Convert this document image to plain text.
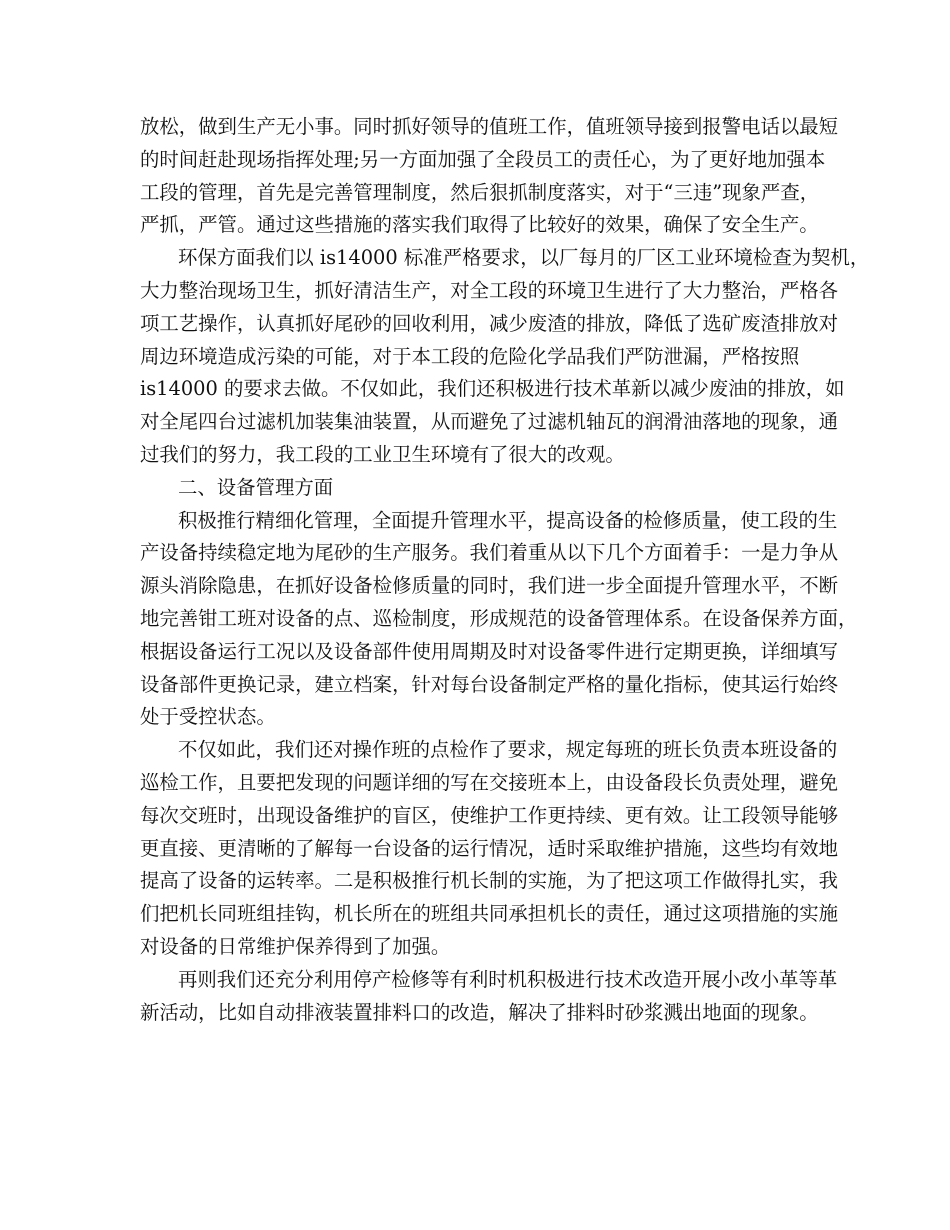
放松，做到生产无小事。同时抓好领导的值班工作，值班领导接到报警电话以最短
的时间赶赴现场指挥处理;另一方面加强了全段员工的责任心，为了更好地加强本
工段的管理，首先是完善管理制度，然后狠抓制度落实，对于“三违”现象严查，
严抓，严管。通过这些措施的落实我们取得了比较好的效果，确保了安全生产。
环保方面我们以 is14000 标准严格要求，以厂每月的厂区工业环境检查为契机，
大力整治现场卫生，抓好清洁生产，对全工段的环境卫生进行了大力整治，严格各
项工艺操作，认真抓好尾砂的回收利用，减少废渣的排放，降低了选矿废渣排放对
周边环境造成污染的可能，对于本工段的危险化学品我们严防泄漏，严格按照
is14000 的要求去做。不仅如此，我们还积极进行技术革新以减少废油的排放，如
对全尾四台过滤机加装集油装置，从而避免了过滤机轴瓦的润滑油落地的现象，通
过我们的努力，我工段的工业卫生环境有了很大的改观。
二、设备管理方面
积极推行精细化管理，全面提升管理水平，提高设备的检修质量，使工段的生
产设备持续稳定地为尾砂的生产服务。我们着重从以下几个方面着手：一是力争从
源头消除隐患，在抓好设备检修质量的同时，我们进一步全面提升管理水平，不断
地完善钳工班对设备的点、巡检制度，形成规范的设备管理体系。在设备保养方面，
根据设备运行工况以及设备部件使用周期及时对设备零件进行定期更换，详细填写
设备部件更换记录，建立档案，针对每台设备制定严格的量化指标，使其运行始终
处于受控状态。
不仅如此，我们还对操作班的点检作了要求，规定每班的班长负责本班设备的
巡检工作，且要把发现的问题详细的写在交接班本上，由设备段长负责处理，避免
每次交班时，出现设备维护的盲区，使维护工作更持续、更有效。让工段领导能够
更直接、更清晰的了解每一台设备的运行情况，适时采取维护措施，这些均有效地
提高了设备的运转率。二是积极推行机长制的实施，为了把这项工作做得扎实，我
们把机长同班组挂钩，机长所在的班组共同承担机长的责任，通过这项措施的实施
对设备的日常维护保养得到了加强。
再则我们还充分利用停产检修等有利时机积极进行技术改造开展小改小革等革
新活动，比如自动排液装置排料口的改造，解决了排料时砂浆溅出地面的现象。
